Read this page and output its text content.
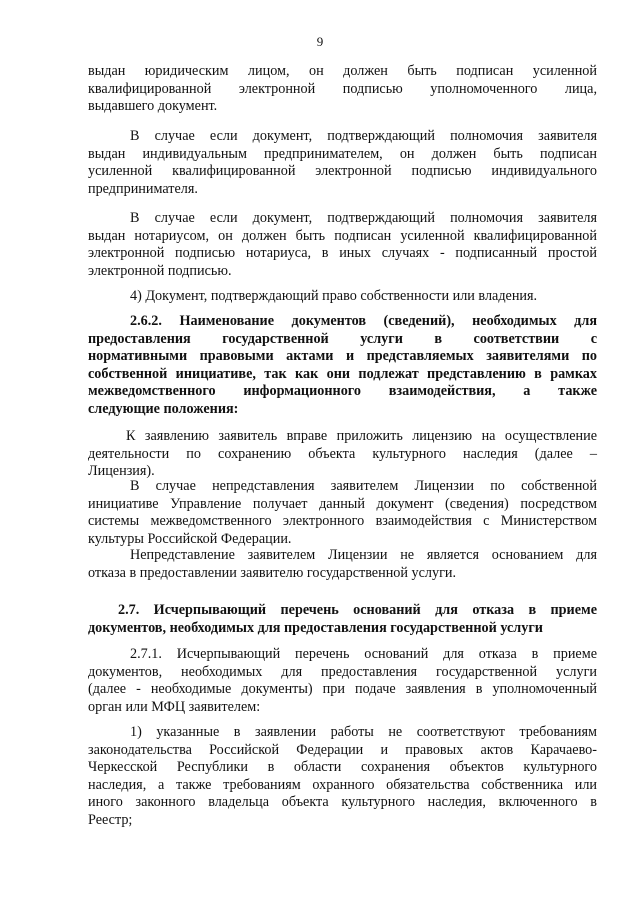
9
выдан юридическим лицом, он должен быть подписан усиленной
квалифицированной электронной подписью уполномоченного лица,
выдавшего документ.
В случае если документ, подтверждающий полномочия заявителя
выдан индивидуальным предпринимателем, он должен быть подписан
усиленной квалифицированной электронной подписью индивидуального
предпринимателя.
В случае если документ, подтверждающий полномочия заявителя
выдан нотариусом, он должен быть подписан усиленной квалифицированной
электронной подписью нотариуса, в иных случаях - подписанный простой
электронной подписью.
4) Документ, подтверждающий право собственности или владения.
2.6.2. Наименование документов (сведений), необходимых для
предоставления государственной услуги в соответствии с
нормативными правовыми актами и представляемых заявителями по
собственной инициативе, так как они подлежат представлению в рамках
межведомственного информационного взаимодействия, а также
следующие положения:
К заявлению заявитель вправе приложить лицензию на осуществление
деятельности по сохранению объекта культурного наследия (далее –
Лицензия).
В случае непредставления заявителем Лицензии по собственной
инициативе Управление получает данный документ (сведения) посредством
системы межведомственного электронного взаимодействия с Министерством
культуры Российской Федерации.
Непредставление заявителем Лицензии не является основанием для
отказа в предоставлении заявителю государственной услуги.
2.7. Исчерпывающий перечень оснований для отказа в приеме
документов, необходимых для предоставления государственной услуги
2.7.1. Исчерпывающий перечень оснований для отказа в приеме
документов, необходимых для предоставления государственной услуги
(далее - необходимые документы) при подаче заявления в уполномоченный
орган или МФЦ заявителем:
1) указанные в заявлении работы не соответствуют требованиям
законодательства Российской Федерации и правовых актов Карачаево-
Черкесской Республики в области сохранения объектов культурного
наследия, а также требованиям охранного обязательства собственника или
иного законного владельца объекта культурного наследия, включенного в
Реестр;
